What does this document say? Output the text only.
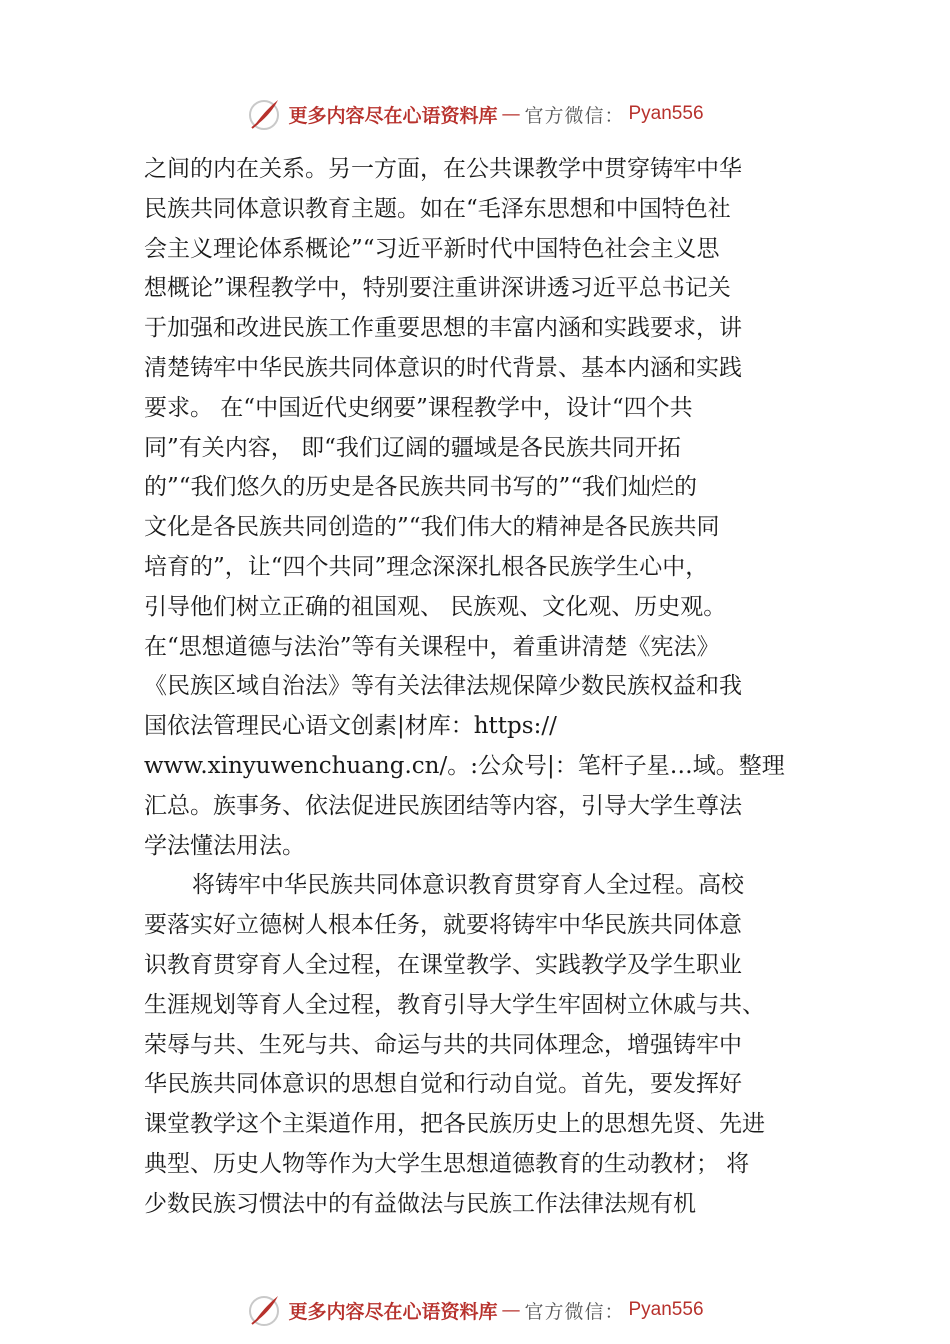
更多内容尽在心语资料库 — 官方微信： Pyan556
之间的内在关系。另一方面，在公共课教学中贯穿铸牢中华
民族共同体意识教育主题。如在“毛泽东思想和中国特色社
会主义理论体系概论”“习近平新时代中国特色社会主义思
想概论”课程教学中，特别要注重讲深讲透习近平总书记关
于加强和改进民族工作重要思想的丰富内涵和实践要求，讲
清楚铸牢中华民族共同体意识的时代背景、基本内涵和实践
要求。 在“中国近代史纲要”课程教学中，设计“四个共
同”有关内容， 即“我们辽阔的疆域是各民族共同开拓
的”“我们悠久的历史是各民族共同书写的”“我们灿烂的
文化是各民族共同创造的”“我们伟大的精神是各民族共同
培育的”，让“四个共同”理念深深扎根各民族学生心中，
引导他们树立正确的祖国观、 民族观、文化观、历史观。
在“思想道德与法治”等有关课程中，着重讲清楚《宪法》
《民族区域自治法》等有关法律法规保障少数民族权益和我
国依法管理民心语文创素|材库：https://
www.xinyuwenchuang.cn/。:公众号|：笔杆子星…域。整理
汇总。族事务、依法促进民族团结等内容，引导大学生尊法
学法懂法用法。
将铸牢中华民族共同体意识教育贯穿育人全过程。高校
要落实好立德树人根本任务，就要将铸牢中华民族共同体意
识教育贯穿育人全过程，在课堂教学、实践教学及学生职业
生涯规划等育人全过程，教育引导大学生牢固树立休戚与共、
荣辱与共、生死与共、命运与共的共同体理念，增强铸牢中
华民族共同体意识的思想自觉和行动自觉。首先，要发挥好
课堂教学这个主渠道作用，把各民族历史上的思想先贤、先进
典型、历史人物等作为大学生思想道德教育的生动教材； 将
少数民族习惯法中的有益做法与民族工作法律法规有机
更多内容尽在心语资料库 — 官方微信： Pyan556
